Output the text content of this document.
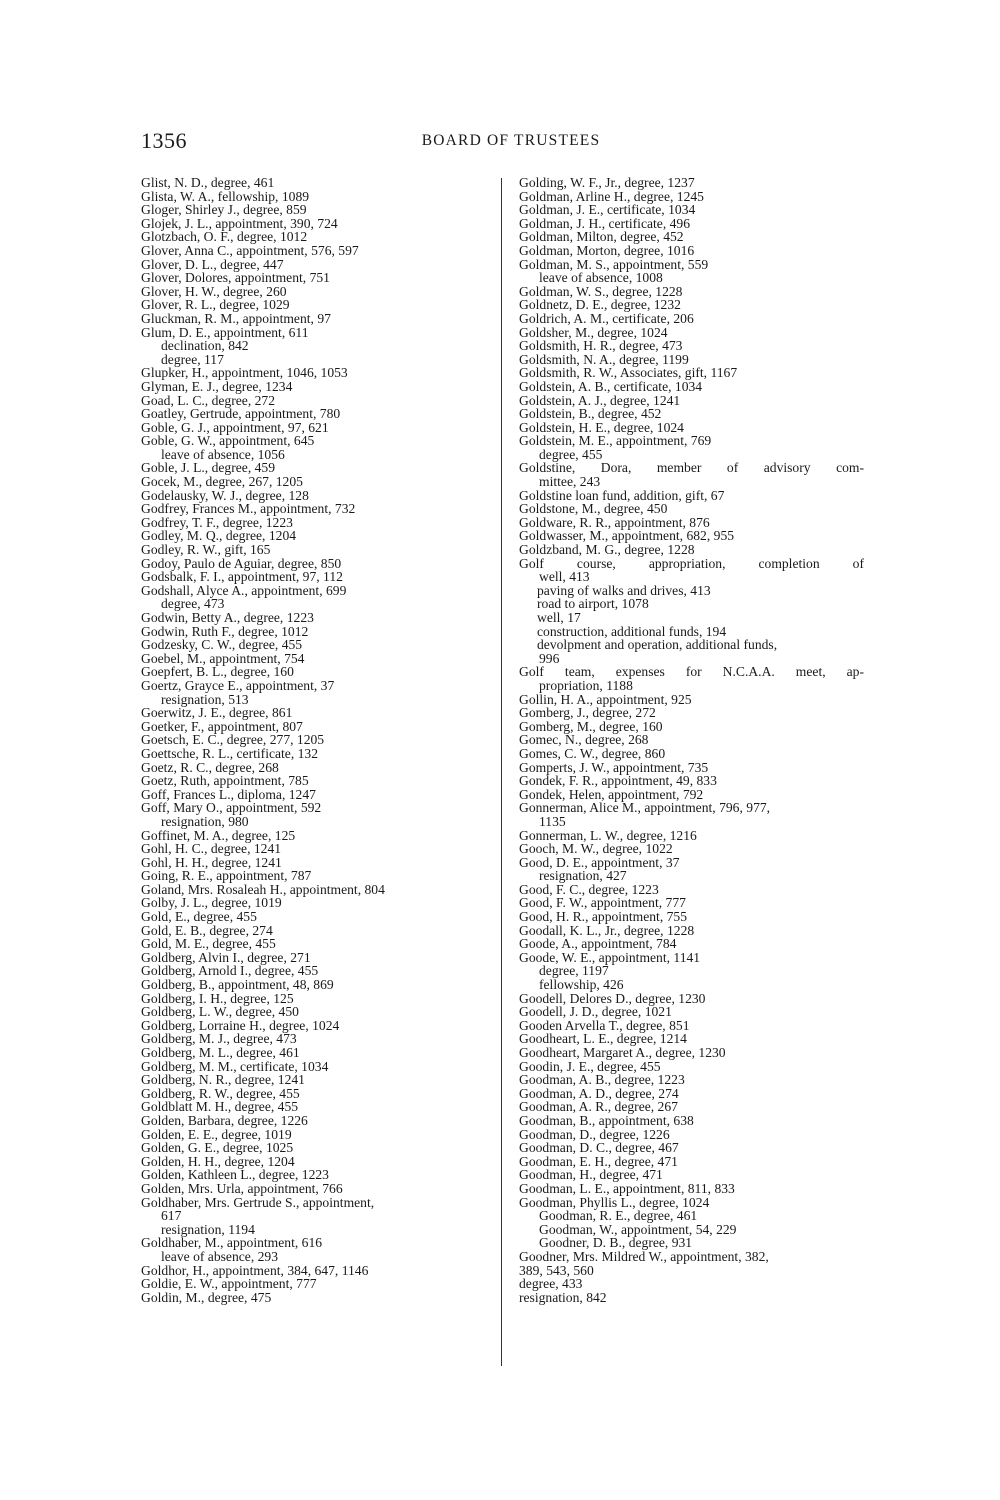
1356	BOARD OF TRUSTEES
Glist, N. D., degree, 461
Glista, W. A., fellowship, 1089
Gloger, Shirley J., degree, 859
Glojek, J. L., appointment, 390, 724
Glotzbach, O. F., degree, 1012
Glover, Anna C., appointment, 576, 597
Glover, D. L., degree, 447
Glover, Dolores, appointment, 751
Glover, H. W., degree, 260
Glover, R. L., degree, 1029
Gluckman, R. M., appointment, 97
Glum, D. E., appointment, 611
declination, 842
degree, 117
Glupker, H., appointment, 1046, 1053
Glyman, E. J., degree, 1234
Goad, L. C., degree, 272
Goatley, Gertrude, appointment, 780
Goble, G. J., appointment, 97, 621
Goble, G. W., appointment, 645
leave of absence, 1056
Goble, J. L., degree, 459
Gocek, M., degree, 267, 1205
Godelausky, W. J., degree, 128
Godfrey, Frances M., appointment, 732
Godfrey, T. F., degree, 1223
Godley, M. Q., degree, 1204
Godley, R. W., gift, 165
Godoy, Paulo de Aguiar, degree, 850
Godsbalk, F. I., appointment, 97, 112
Godshall, Alyce A., appointment, 699
degree, 473
Godwin, Betty A., degree, 1223
Godwin, Ruth F., degree, 1012
Godzesky, C. W., degree, 455
Goebel, M., appointment, 754
Goepfert, B. L., degree, 160
Goertz, Grayce E., appointment, 37
resignation, 513
Goerwitz, J. E., degree, 861
Goetker, F., appointment, 807
Goetsch, E. C., degree, 277, 1205
Goettsche, R. L., certificate, 132
Goetz, R. C., degree, 268
Goetz, Ruth, appointment, 785
Goff, Frances L., diploma, 1247
Goff, Mary O., appointment, 592
resignation, 980
Goffinet, M. A., degree, 125
Gohl, H. C., degree, 1241
Gohl, H. H., degree, 1241
Going, R. E., appointment, 787
Goland, Mrs. Rosaleah H., appointment, 804
Golby, J. L., degree, 1019
Gold, E., degree, 455
Gold, E. B., degree, 274
Gold, M. E., degree, 455
Goldberg, Alvin I., degree, 271
Goldberg, Arnold I., degree, 455
Goldberg, B., appointment, 48, 869
Goldberg, I. H., degree, 125
Goldberg, L. W., degree, 450
Goldberg, Lorraine H., degree, 1024
Goldberg, M. J., degree, 473
Goldberg, M. L., degree, 461
Goldberg, M. M., certificate, 1034
Goldberg, N. R., degree, 1241
Goldberg, R. W., degree, 455
Goldblatt M. H., degree, 455
Golden, Barbara, degree, 1226
Golden, E. E., degree, 1019
Golden, G. E., degree, 1025
Golden, H. H., degree, 1204
Golden, Kathleen L., degree, 1223
Golden, Mrs. Urla, appointment, 766
Goldhaber, Mrs. Gertrude S., appointment,
617
resignation, 1194
Goldhaber, M., appointment, 616
leave of absence, 293
Goldhor, H., appointment, 384, 647, 1146
Goldie, E. W., appointment, 777
Goldin, M., degree, 475
Golding, W. F., Jr., degree, 1237
Goldman, Arline H., degree, 1245
Goldman, J. E., certificate, 1034
Goldman, J. H., certificate, 496
Goldman, Milton, degree, 452
Goldman, Morton, degree, 1016
Goldman, M. S., appointment, 559
leave of absence, 1008
Goldman, W. S., degree, 1228
Goldnetz, D. E., degree, 1232
Goldrich, A. M., certificate, 206
Goldsher, M., degree, 1024
Goldsmith, H. R., degree, 473
Goldsmith, N. A., degree, 1199
Goldsmith, R. W., Associates, gift, 1167
Goldstein, A. B., certificate, 1034
Goldstein, A. J., degree, 1241
Goldstein, B., degree, 452
Goldstein, H. E., degree, 1024
Goldstein, M. E., appointment, 769
degree, 455
Goldstine, Dora, member of advisory com-
mittee, 243
Goldstine loan fund, addition, gift, 67
Goldstone, M., degree, 450
Goldware, R. R., appointment, 876
Goldwasser, M., appointment, 682, 955
Goldzband, M. G., degree, 1228
Golf course, appropriation, completion of
well, 413
paving of walks and drives, 413
road to airport, 1078
well, 17
construction, additional funds, 194
devolpment and operation, additional funds,
996
Golf team, expenses for N.C.A.A. meet, ap-
propriation, 1188
Gollin, H. A., appointment, 925
Gomberg, J., degree, 272
Gomberg, M., degree, 160
Gomec, N., degree, 268
Gomes, C. W., degree, 860
Gomperts, J. W., appointment, 735
Gondek, F. R., appointment, 49, 833
Gondek, Helen, appointment, 792
Gonnerman, Alice M., appointment, 796, 977,
1135
Gonnerman, L. W., degree, 1216
Gooch, M. W., degree, 1022
Good, D. E., appointment, 37
resignation, 427
Good, F. C., degree, 1223
Good, F. W., appointment, 777
Good, H. R., appointment, 755
Goodall, K. L., Jr., degree, 1228
Goode, A., appointment, 784
Goode, W. E., appointment, 1141
degree, 1197
fellowship, 426
Goodell, Delores D., degree, 1230
Goodell, J. D., degree, 1021
Gooden Arvella T., degree, 851
Goodheart, L. E., degree, 1214
Goodheart, Margaret A., degree, 1230
Goodin, J. E., degree, 455
Goodman, A. B., degree, 1223
Goodman, A. D., degree, 274
Goodman, A. R., degree, 267
Goodman, B., appointment, 638
Goodman, D., degree, 1226
Goodman, D. C., degree, 467
Goodman, E. H., degree, 471
Goodman, H., degree, 471
Goodman, L. E., appointment, 811, 833
Goodman, Phyllis L., degree, 1024
Goodman, R. E., degree, 461
Goodman, W., appointment, 54, 229
Goodner, D. B., degree, 931
Goodner, Mrs. Mildred W., appointment, 382,
389, 543, 560
degree, 433
resignation, 842
